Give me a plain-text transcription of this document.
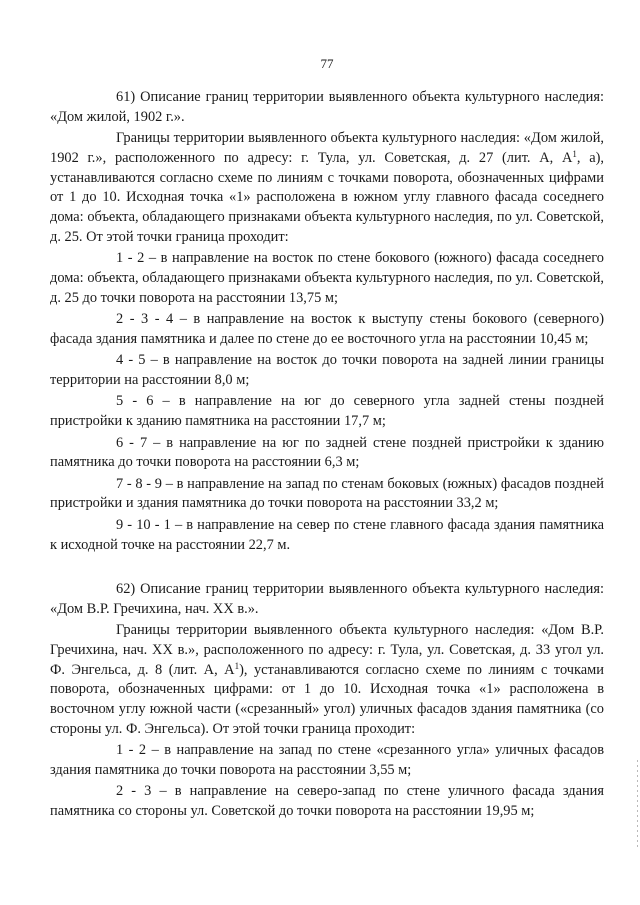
77

61) Описание границ территории выявленного объекта культурного наследия: «Дом жилой, 1902 г.».

Границы территории выявленного объекта культурного наследия: «Дом жилой, 1902 г.», расположенного по адресу: г. Тула, ул. Советская, д. 27 (лит. А, $А^1$, а), устанавливаются согласно схеме по линиям с точками поворота, обозначенных цифрами от 1 до 10. Исходная точка «1» расположена в южном углу главного фасада соседнего дома: объекта, обладающего признаками объекта культурного наследия, по ул. Советской, д. 25. От этой точки граница проходит:

1 - 2 – в направление на восток по стене бокового (южного) фасада соседнего дома: объекта, обладающего признаками объекта культурного наследия, по ул. Советской, д. 25 до точки поворота на расстоянии 13,75 м;

2 - 3 - 4 – в направление на восток к выступу стены бокового (северного) фасада здания памятника и далее по стене до ее восточного угла на расстоянии 10,45 м;

4 - 5 – в направление на восток до точки поворота на задней линии границы территории на расстоянии 8,0 м;

5 - 6 – в направление на юг до северного угла задней стены поздней пристройки к зданию памятника на расстоянии 17,7 м;

6 - 7 – в направление на юг по задней стене поздней пристройки к зданию памятника до точки поворота на расстоянии 6,3 м;

7 - 8 - 9 – в направление на запад по стенам боковых (южных) фасадов поздней пристройки и здания памятника до точки поворота на расстоянии 33,2 м;

9 - 10 - 1 – в направление на север по стене главного фасада здания памятника к исходной точке на расстоянии 22,7 м.

62) Описание границ территории выявленного объекта культурного наследия: «Дом В.Р. Гречихина, нач. XX в.».

Границы территории выявленного объекта культурного наследия: «Дом В.Р. Гречихина, нач. XX в.», расположенного по адресу: г. Тула, ул. Советская, д. 33 угол ул. Ф. Энгельса, д. 8 (лит. А, $А^1$), устанавливаются согласно схеме по линиям с точками поворота, обозначенных цифрами: от 1 до 10. Исходная точка «1» расположена в восточном углу южной части («срезанный» угол) уличных фасадов здания памятника (со стороны ул. Ф. Энгельса). От этой точки граница проходит:

1 - 2 – в направление на запад по стене «срезанного угла» уличных фасадов здания памятника до точки поворота на расстоянии 3,55 м;

2 - 3 – в направление на северо-запад по стене уличного фасада здания памятника со стороны ул. Советской до точки поворота на расстоянии 19,95 м;
